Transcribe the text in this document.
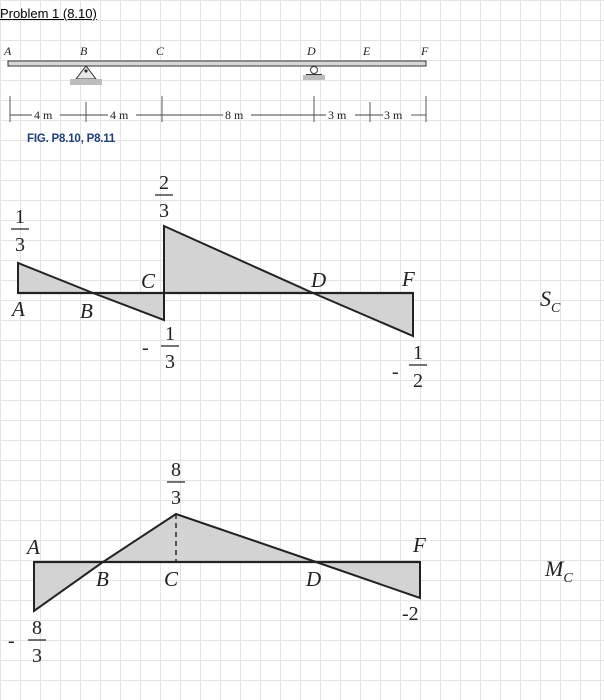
Problem 1 (8.10)
FIG. P8.10, P8.11
A	B	C	D	E	F
4 m	4 m	8 m	3 m	3 m
A	B
C	D	F
1
3
2
3
-
1
3	-
1
2
SC
A
B	C	D
F
8
3
-
8
3
-2
MC
